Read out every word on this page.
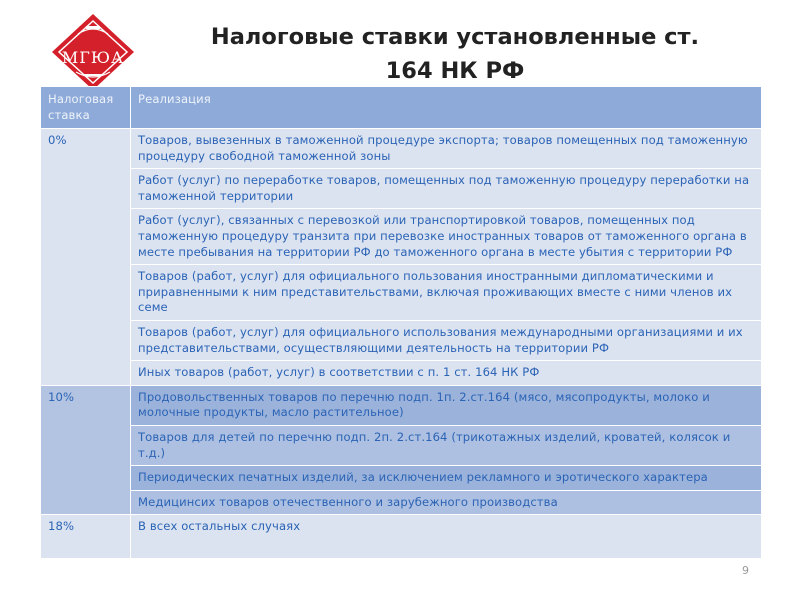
МГЮА
Налоговые ставки установленные ст.
164 НК РФ
Налоговая ставка	Реализация
0%	Товаров, вывезенных в таможенной процедуре экспорта; товаров помещенных под таможенную процедуру свободной таможенной зоны
	Работ (услуг) по переработке товаров, помещенных под таможенную процедуру переработки на таможенной территории
	Работ (услуг), связанных с перевозкой или транспортировкой товаров, помещенных под таможенную процедуру транзита при перевозке иностранных товаров от таможенного органа в месте пребывания на территории РФ до таможенного органа в месте убытия с территории РФ
	Товаров (работ, услуг) для официального пользования иностранными дипломатическими и приравненными к ним представительствами, включая проживающих вместе с ними членов их семе
	Товаров (работ, услуг) для официального использования международными организациями и их представительствами, осуществляющими деятельность на территории РФ
	Иных товаров (работ, услуг) в соответствии с п. 1 ст. 164 НК РФ
10%	Продовольственных товаров по перечню подп. 1п. 2.ст.164 (мясо, мясопродукты, молоко и молочные продукты, масло растительное)
	Товаров для детей по перечню подп. 2п. 2.ст.164 (трикотажных изделий, кроватей, колясок и т.д.)
	Периодических печатных изделий, за исключением рекламного и эротического характера
	Медицинсих товаров отечественного и зарубежного производства
18%	В всех остальных случаях
9
